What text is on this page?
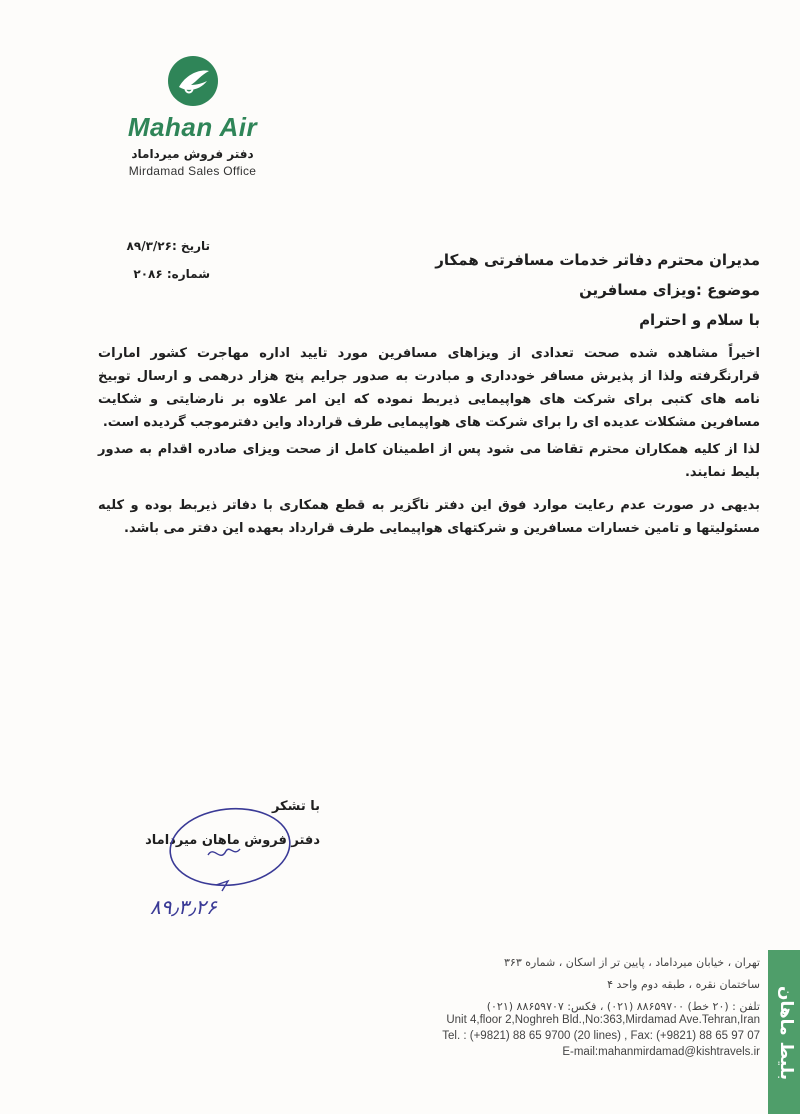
Mahan Air
دفتر فروش میرداماد
Mirdamad Sales Office
تاریخ :۸۹/۳/۲۶
شماره: ۲۰۸۶
مدیران محترم دفاتر خدمات مسافرتی همکار
موضوع :ویزای مسافرین
با سلام و احترام

اخیراً مشاهده شده صحت تعدادی از ویزاهای مسافرین مورد تایید اداره مهاجرت کشور امارات قرارنگرفته ولذا از پذیرش مسافر خودداری و مبادرت به صدور جرایم پنج هزار درهمی و ارسال توبیخ نامه های کتبی برای شرکت های هواپیمایی ذیربط نموده که این امر علاوه بر نارضایتی و شکایت مسافرین مشکلات عدیده ای را برای شرکت های هواپیمایی طرف قرارداد واین دفترموجب گردیده است.

لذا از کلیه همکاران محترم تقاضا می شود پس از اطمینان کامل از صحت ویزای صادره اقدام به صدور بلیط نمایند.

بدیهی در صورت عدم رعایت موارد فوق این دفتر ناگزیر به قطع همکاری با دفاتر ذیربط بوده و کلیه مسئولیتها و تامین خسارات مسافرین و شرکتهای هواپیمایی طرف قرارداد بعهده این دفتر می باشد.

با تشکر
دفتر فروش ماهان میرداماد
۸۹٫۳٫۲۶
تهران ، خیابان میرداماد ، پایین تر از اسکان ، شماره ۳۶۳
ساختمان نقره ، طبقه دوم واحد ۴
تلفن : (۲۰ خط) ۸۸۶۵۹۷۰۰ (۰۲۱) ، فکس: ۸۸۶۵۹۷۰۷ (۰۲۱)
Unit 4,floor 2,Noghreh Bld.,No:363,Mirdamad Ave.Tehran,Iran
Tel. : (+9821) 88 65 9700 (20 lines) , Fax: (+9821) 88 65 97 07
E-mail:mahanmirdamad@kishtravels.ir بلیط ماهان
